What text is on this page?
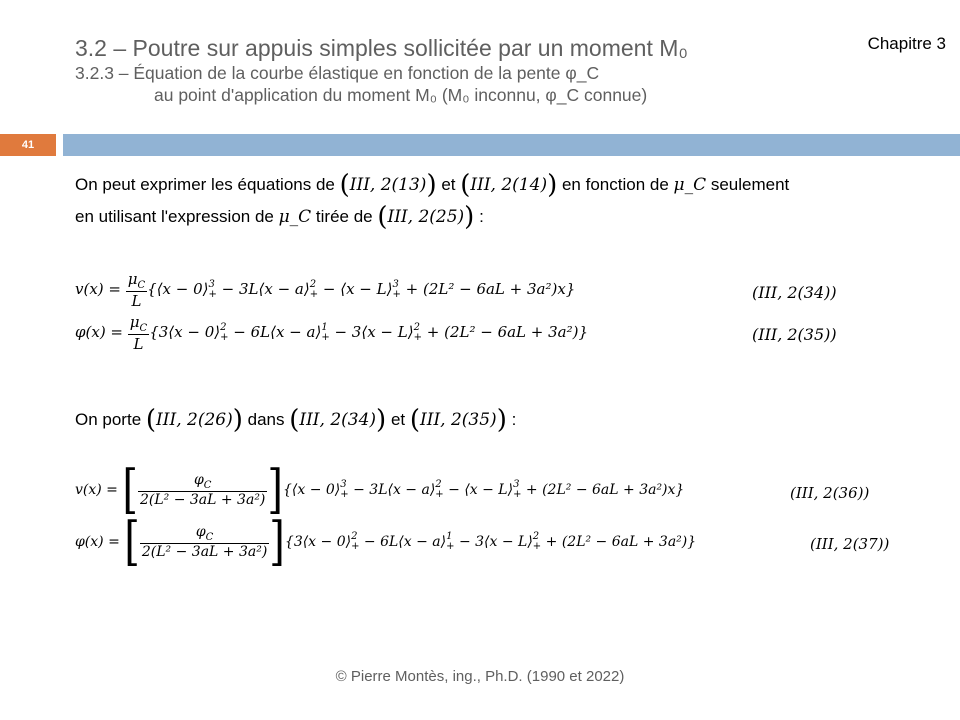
3.2 – Poutre sur appuis simples sollicitée par un moment M₀
3.2.3 – Équation de la courbe élastique en fonction de la pente φ_C
au point d'application du moment M₀ (M₀ inconnu, φ_C connue)
Chapitre 3
41
On peut exprimer les équations de (III, 2(13)) et (III, 2(14)) en fonction de μ_C seulement
en utilisant l'expression de μ_C tirée de (III, 2(25)) :
$v(x) = \frac{\mu_C}{L}$ {⟨x − 0⟩3
+ − 3L⟨x − a⟩2
+ − ⟨x − L⟩3
+ + (2L² − 6aL + 3a²)x}	(III, 2(34))
$\varphi(x) = \frac{\mu_C}{L}$ {3⟨x − 0⟩2
+ − 6L⟨x − a⟩1
+ − 3⟨x − L⟩2
+ + (2L² − 6aL + 3a²)}	(III, 2(35))
On porte (III, 2(26)) dans (III, 2(34)) et (III, 2(35)) :
v(x) = [ $\frac{\varphi_C}{\text{2(L² − 3aL + 3a²)}}$ ]{⟨x − 0⟩3
+ − 3L⟨x − a⟩2
+ − ⟨x − L⟩3
+ + (2L² − 6aL + 3a²)x}	(III, 2(36))
φ(x) = [ $\frac{\varphi_C}{\text{2(L² − 3aL + 3a²)}}$ ]{3⟨x − 0⟩2
+ − 6L⟨x − a⟩1
+ − 3⟨x − L⟩2
+ + (2L² − 6aL + 3a²)}	(III, 2(37))
© Pierre Montès, ing., Ph.D. (1990 et 2022)
